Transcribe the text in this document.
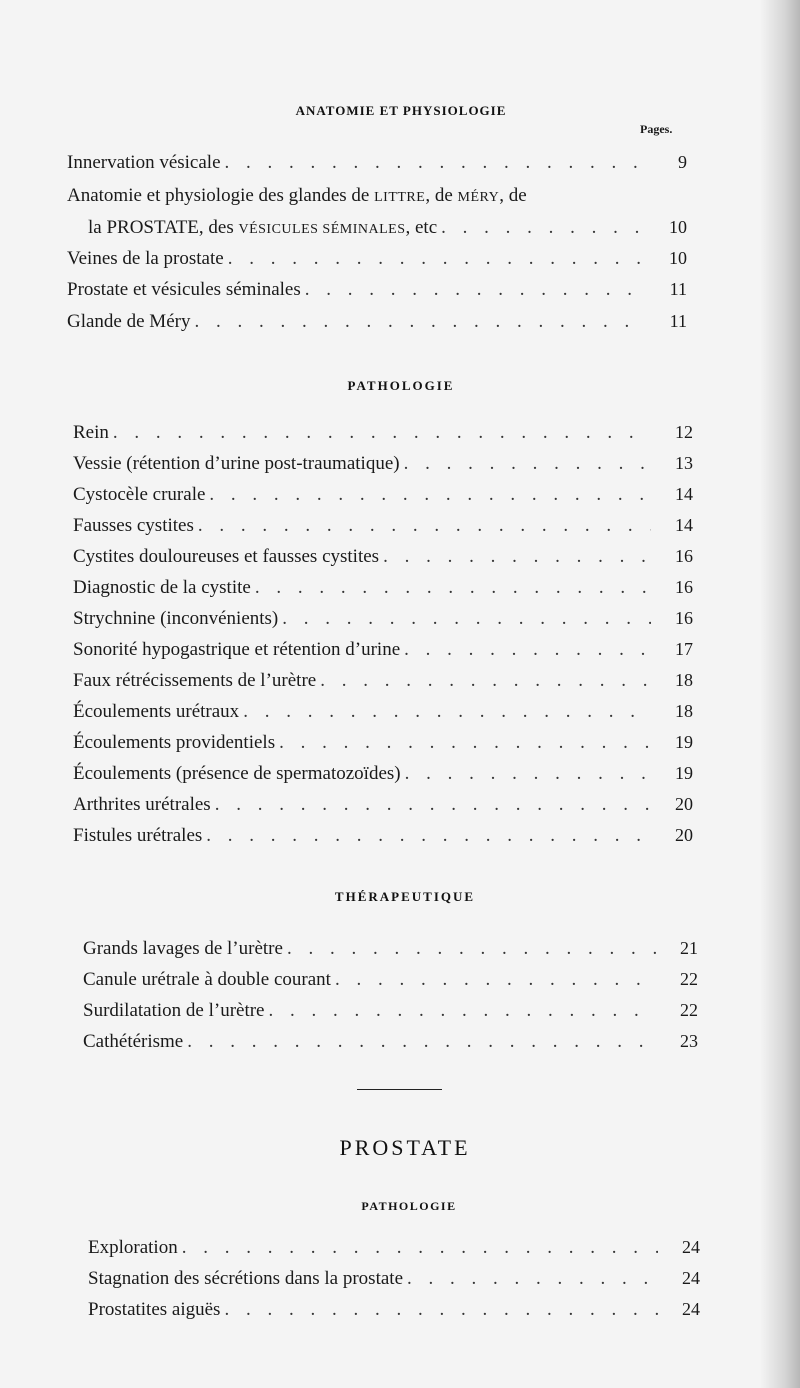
ANATOMIE ET PHYSIOLOGIE
Pages.
Innervation vésicale . . .	9
Anatomie et physiologie des glandes de LITTRE, de MÉRY, de
la PROSTATE, des VÉSICULES SÉMINALES, etc . . .	10
Veines de la prostate . . .	10
Prostate et vésicules séminales . . .	11
Glande de Méry . . .	11
PATHOLOGIE
Rein . . .	12
Vessie (rétention d’urine post-traumatique) . . .	13
Cystocèle crurale . . .	14
Fausses cystites . . .	14
Cystites douloureuses et fausses cystites . . .	16
Diagnostic de la cystite . . .	16
Strychnine (inconvénients) . . .	16
Sonorité hypogastrique et rétention d’urine . . .	17
Faux rétrécissements de l’urètre . . .	18
Écoulements urétraux . . .	18
Écoulements providentiels . . .	19
Écoulements (présence de spermatozoïdes) . . .	19
Arthrites urétrales . . .	20
Fistules urétrales . . .	20
THÉRAPEUTIQUE
Grands lavages de l’urètre . . .	21
Canule urétrale à double courant . . .	22
Surdilatation de l’urètre . . .	22
Cathétérisme . . .	23
PROSTATE
PATHOLOGIE
Exploration . . .	24
Stagnation des sécrétions dans la prostate . . .	24
Prostatites aiguës . . .	24
